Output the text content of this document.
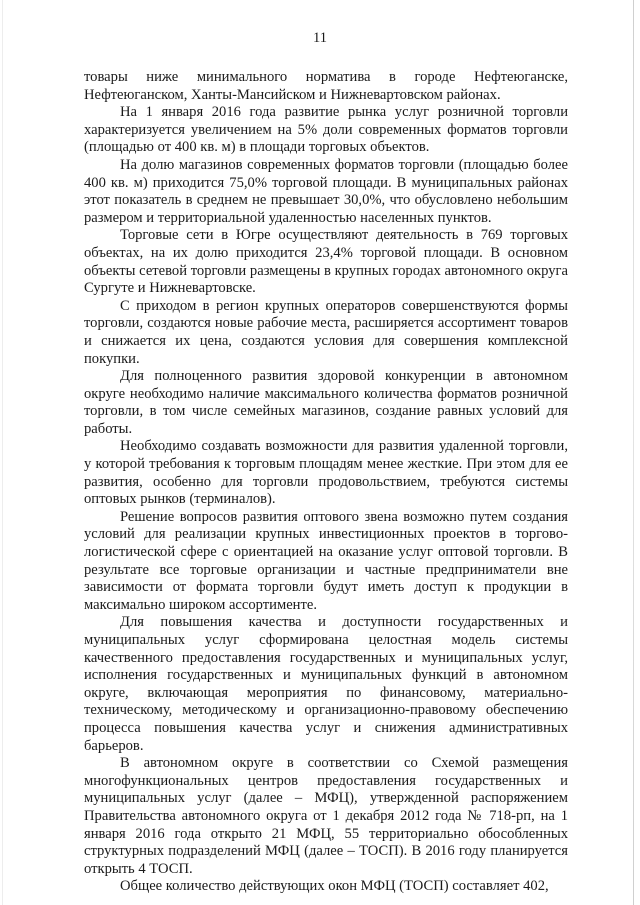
11

товары ниже минимального норматива в городе Нефтеюганске, Нефтеюганском, Ханты-Мансийском и Нижневартовском районах.

На 1 января 2016 года развитие рынка услуг розничной торговли характеризуется увеличением на 5% доли современных форматов торговли (площадью от 400 кв. м) в площади торговых объектов.

На долю магазинов современных форматов торговли (площадью более 400 кв. м) приходится 75,0% торговой площади. В муниципальных районах этот показатель в среднем не превышает 30,0%, что обусловлено небольшим размером и территориальной удаленностью населенных пунктов.

Торговые сети в Югре осуществляют деятельность в 769 торговых объектах, на их долю приходится 23,4% торговой площади. В основном объекты сетевой торговли размещены в крупных городах автономного округа Сургуте и Нижневартовске.

С приходом в регион крупных операторов совершенствуются формы торговли, создаются новые рабочие места, расширяется ассортимент товаров и снижается их цена, создаются условия для совершения комплексной покупки.

Для полноценного развития здоровой конкуренции в автономном округе необходимо наличие максимального количества форматов розничной торговли, в том числе семейных магазинов, создание равных условий для работы.

Необходимо создавать возможности для развития удаленной торговли, у которой требования к торговым площадям менее жесткие. При этом для ее развития, особенно для торговли продовольствием, требуются системы оптовых рынков (терминалов).

Решение вопросов развития оптового звена возможно путем создания условий для реализации крупных инвестиционных проектов в торгово-логистической сфере с ориентацией на оказание услуг оптовой торговли. В результате все торговые организации и частные предприниматели вне зависимости от формата торговли будут иметь доступ к продукции в максимально широком ассортименте.

Для повышения качества и доступности государственных и муниципальных услуг сформирована целостная модель системы качественного предоставления государственных и муниципальных услуг, исполнения государственных и муниципальных функций в автономном округе, включающая мероприятия по финансовому, материально-техническому, методическому и организационно-правовому обеспечению процесса повышения качества услуг и снижения административных барьеров.

В автономном округе в соответствии со Схемой размещения многофункциональных центров предоставления государственных и муниципальных услуг (далее – МФЦ), утвержденной распоряжением Правительства автономного округа от 1 декабря 2012 года № 718-рп, на 1 января 2016 года открыто 21 МФЦ, 55 территориально обособленных структурных подразделений МФЦ (далее – ТОСП). В 2016 году планируется открыть 4 ТОСП.

Общее количество действующих окон МФЦ (ТОСП) составляет 402,
